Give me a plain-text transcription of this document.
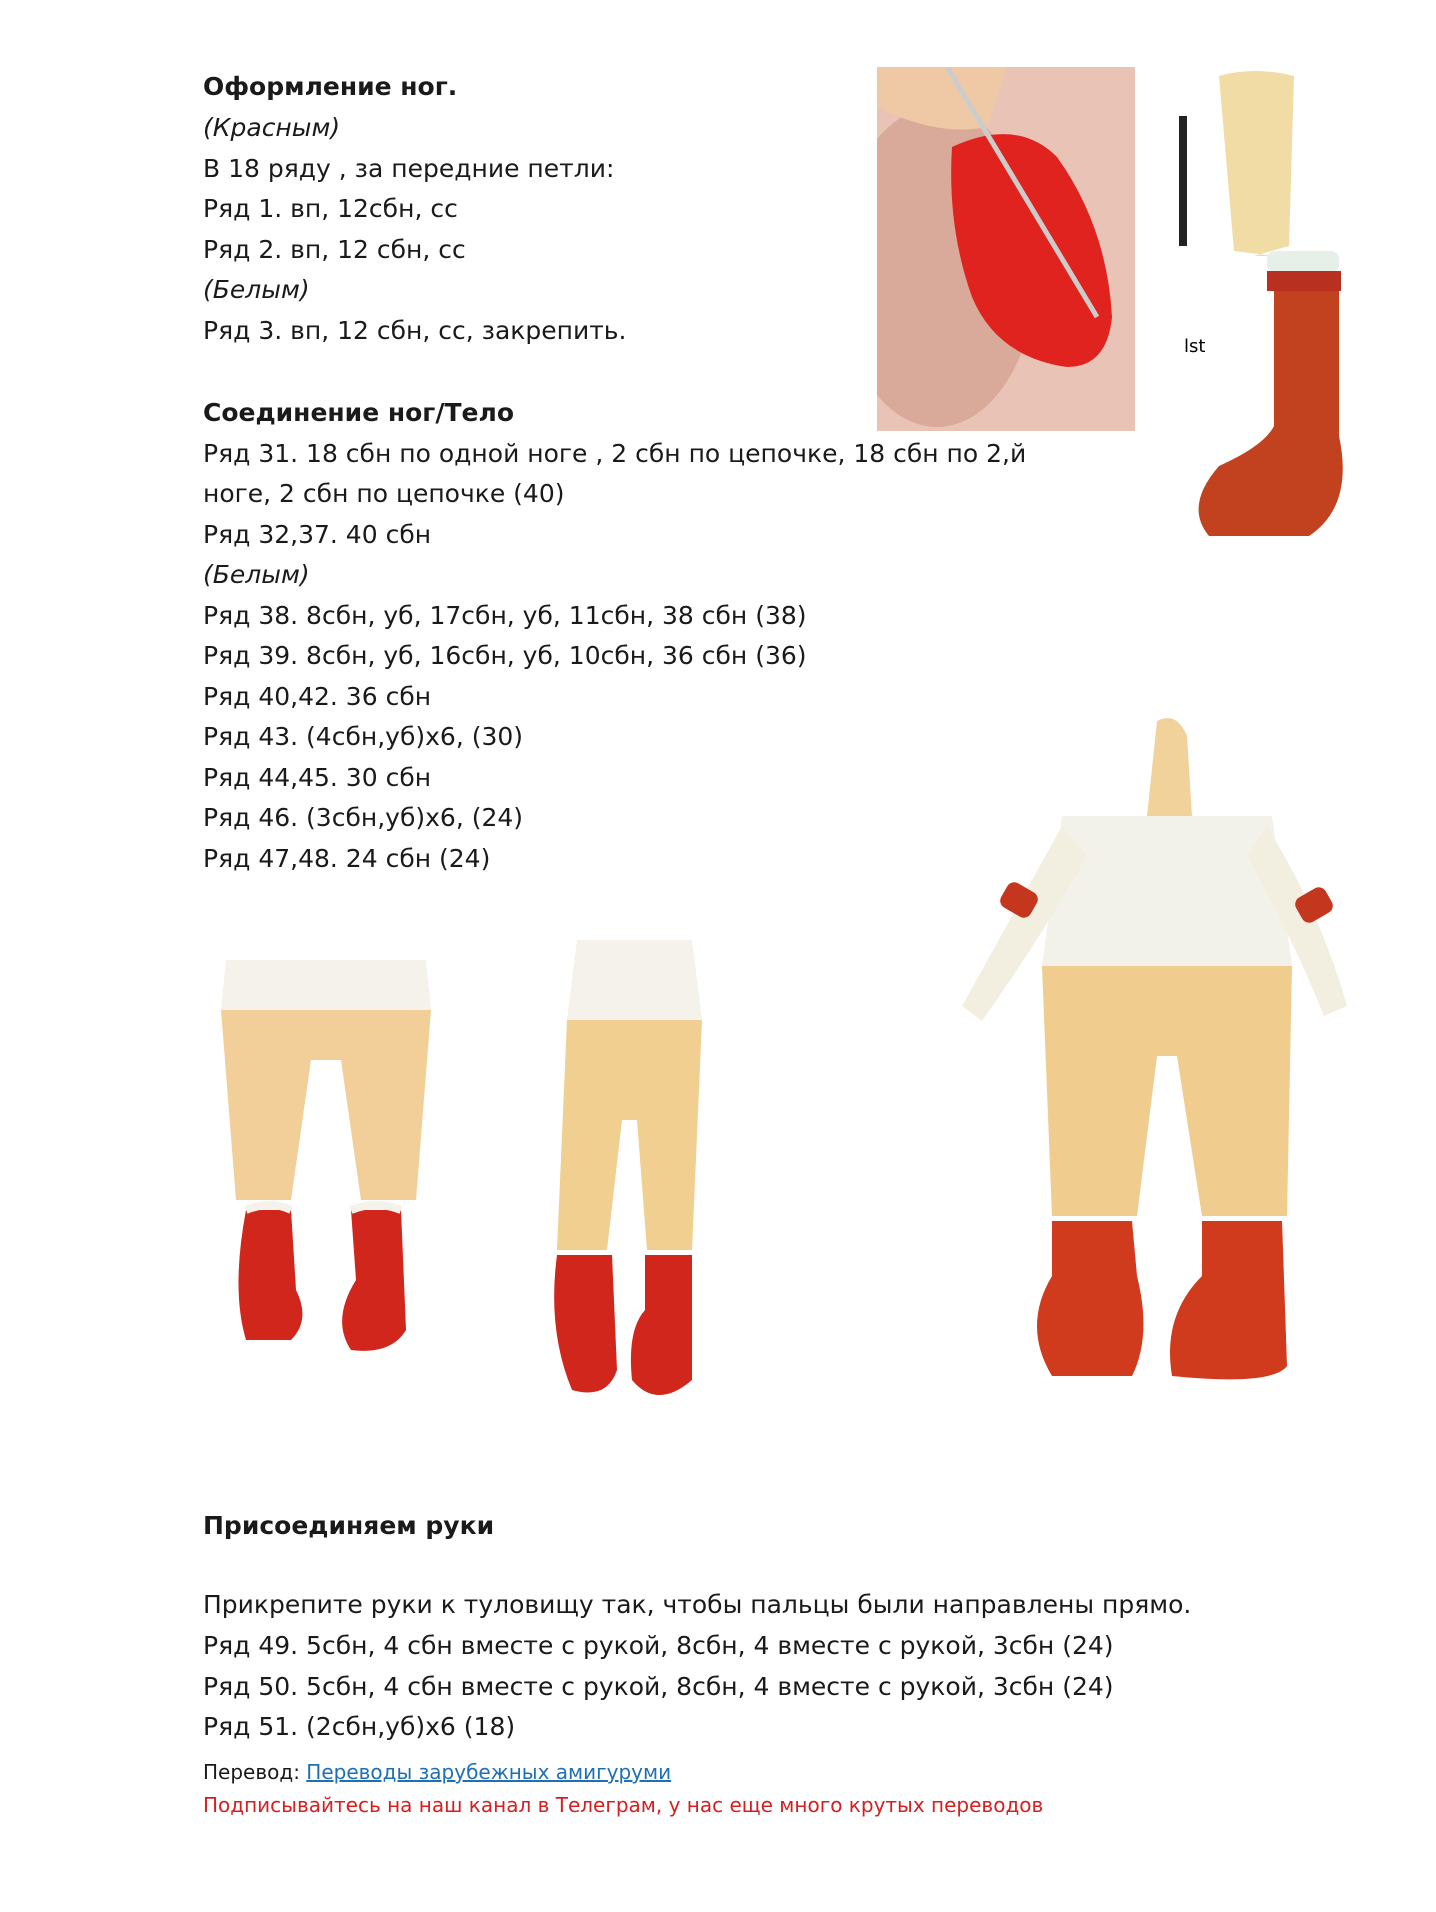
Оформление ног.
(Красным)
В 18 ряду , за передние петли:
Ряд 1. вп, 12сбн, сс
Ряд 2. вп, 12 сбн, сс
(Белым)
Ряд 3. вп, 12 сбн, сс, закрепить.
Соединение ног/Тело
Ряд 31. 18 сбн по одной ноге , 2 сбн по цепочке, 18 сбн по 2,й
ноге, 2 сбн по цепочке (40)
Ряд 32,37. 40 сбн
(Белым)
Ряд 38. 8сбн, уб, 17сбн, уб, 11сбн, 38 сбн (38)
Ряд 39. 8сбн, уб, 16сбн, уб, 10сбн, 36 сбн (36)
Ряд 40,42. 36 сбн
Ряд 43. (4сбн,уб)x6, (30)
Ряд 44,45. 30 сбн
Ряд 46. (3сбн,уб)x6, (24)
Ряд 47,48. 24 сбн (24)
lst
Присоединяем руки
Прикрепите руки к туловищу так, чтобы пальцы были направлены прямо.
Ряд 49. 5сбн, 4 сбн вместе с рукой, 8сбн, 4 вместе с рукой, 3сбн (24)
Ряд 50. 5сбн, 4 сбн вместе с рукой, 8сбн, 4 вместе с рукой, 3сбн (24)
Ряд 51. (2сбн,уб)x6 (18)
Перевод: Переводы зарубежных амигуруми
Подписывайтесь на наш канал в Телеграм, у нас еще много крутых переводов
